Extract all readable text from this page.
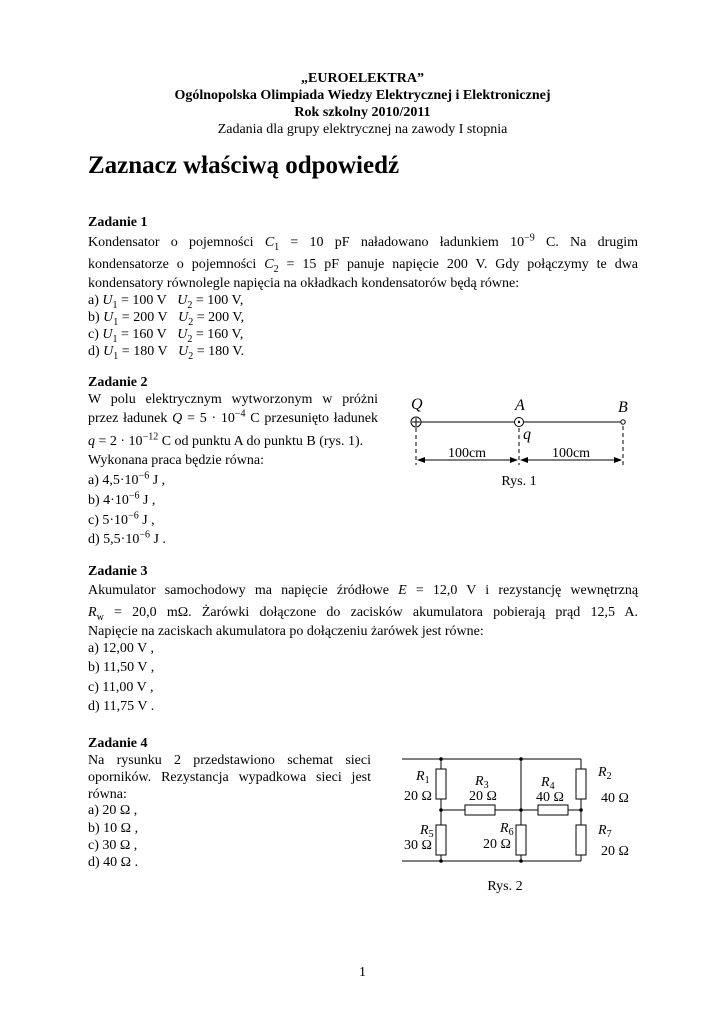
„EUROELEKTRA”
Ogólnopolska Olimpiada Wiedzy Elektrycznej i Elektronicznej
Rok szkolny 2010/2011
Zadania dla grupy elektrycznej na zawody I stopnia
Zaznacz właściwą odpowiedź
Zadanie 1
Kondensator o pojemności $C_1 = 10$ pF naładowano ładunkiem $10^{-9}$ C. Na drugim
kondensatorze o pojemności $C_2 = 15$ pF panuje napięcie 200 V. Gdy połączymy te dwa
kondensatory równolegle napięcia na okładkach kondensatorów będą równe:
a) $U_1 = 100$ V $U_2 = 100$ V,
b) $U_1 = 200$ V $U_2 = 200$ V,
c) $U_1 = 160$ V $U_2 = 160$ V,
d) $U_1 = 180$ V $U_2 = 180$ V.
Zadanie 2
W polu elektrycznym wytworzonym w próżni
przez ładunek $Q = 5 \cdot 10^{-4}$ C przesunięto ładunek
$q = 2 \cdot 10^{-12}$ C od punktu A do punktu B (rys. 1).
Wykonana praca będzie równa:
a) $4,5\cdot 10^{-6}$ J ,
b) $4\cdot 10^{-6}$ J ,
c) $5\cdot 10^{-6}$ J ,
d) $5,5\cdot 10^{-6}$ J .
Q	A	B
q
100cm	100cm
Rys. 1
Zadanie 3
Akumulator samochodowy ma napięcie źródłowe E = 12,0 V i rezystancję wewnętrzną
$R_w = 20,0$ mΩ. Żarówki dołączone do zacisków akumulatora pobierają prąd 12,5 A.
Napięcie na zaciskach akumulatora po dołączeniu żarówek jest równe:
a) 12,00 V ,
b) 11,50 V ,
c) 11,00 V ,
d) 11,75 V .
Zadanie 4
Na rysunku 2 przedstawiono schemat sieci
oporników. Rezystancja wypadkowa sieci jest
równa:
a) 20 Ω ,
b) 10 Ω ,
c) 30 Ω ,
d) 40 Ω .
$R_1$
20 Ω
$R_2$
40 Ω
$R_3$
20 Ω
$R_4$
40 Ω
$R_5$
30 Ω
$R_6$
20 Ω
$R_7$
20 Ω
Rys. 2
1
